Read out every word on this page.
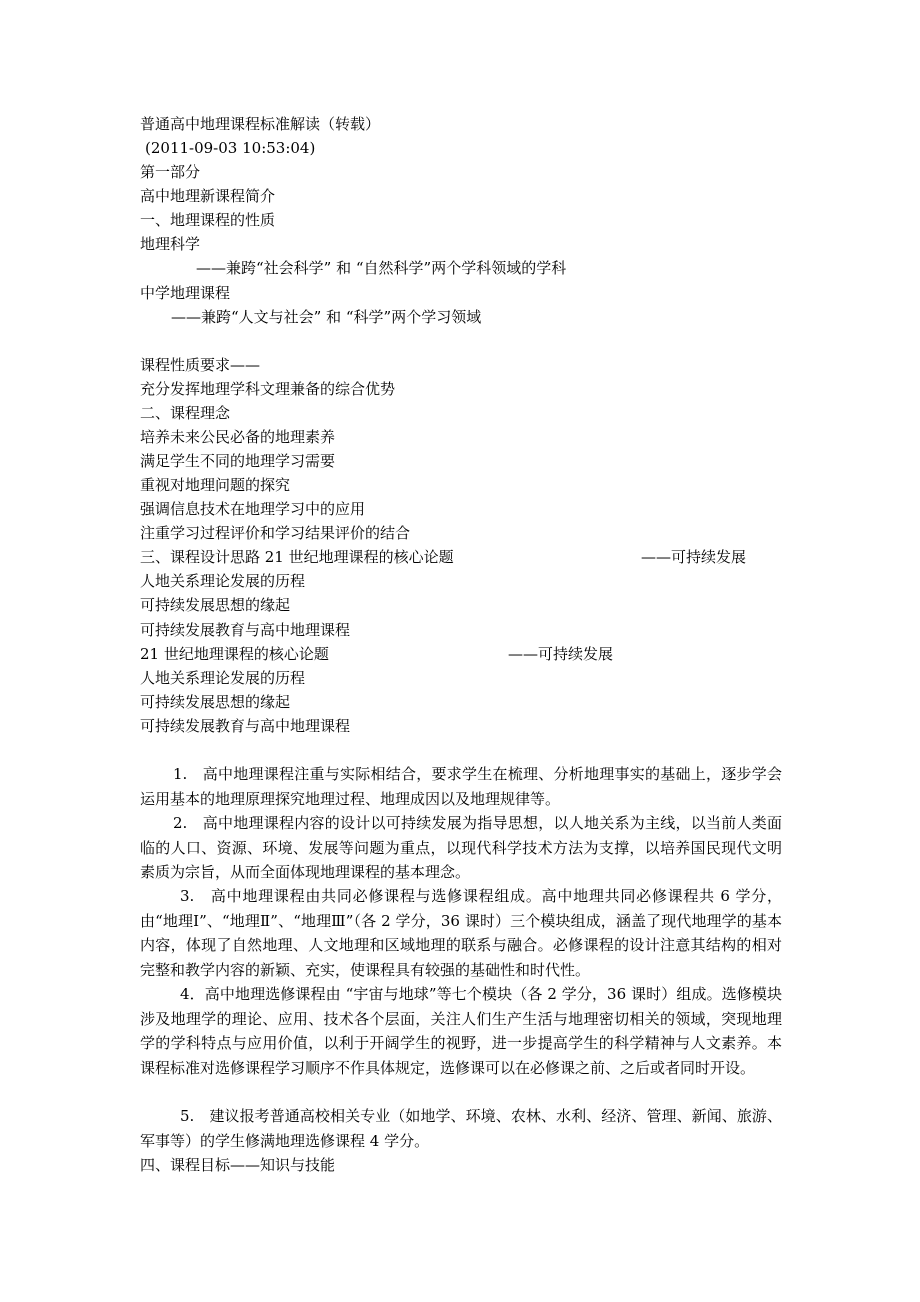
普通高中地理课程标准解读（转载）
(2011-09-03 10:53:04)
第一部分
高中地理新课程简介
一、地理课程的性质
地理科学
——兼跨“社会科学” 和 “自然科学”两个学科领域的学科
中学地理课程
——兼跨“人文与社会” 和 “科学”两个学习领域
课程性质要求——
充分发挥地理学科文理兼备的综合优势
二、课程理念
培养未来公民必备的地理素养
满足学生不同的地理学习需要
重视对地理问题的探究
强调信息技术在地理学习中的应用
注重学习过程评价和学习结果评价的结合
三、课程设计思路 21 世纪地理课程的核心论题	——可持续发展
人地关系理论发展的历程
可持续发展思想的缘起
可持续发展教育与高中地理课程
21 世纪地理课程的核心论题	——可持续发展
人地关系理论发展的历程
可持续发展思想的缘起
可持续发展教育与高中地理课程
1.　高中地理课程注重与实际相结合，要求学生在梳理、分析地理事实的基础上，逐步学会运用基本的地理原理探究地理过程、地理成因以及地理规律等。
2.　高中地理课程内容的设计以可持续发展为指导思想，以人地关系为主线，以当前人类面临的人口、资源、环境、发展等问题为重点，以现代科学技术方法为支撑，以培养国民现代文明素质为宗旨，从而全面体现地理课程的基本理念。
3.　高中地理课程由共同必修课程与选修课程组成。高中地理共同必修课程共 6 学分，由“地理Ⅰ”、“地理Ⅱ”、“地理Ⅲ”（各 2 学分，36 课时）三个模块组成，涵盖了现代地理学的基本内容，体现了自然地理、人文地理和区域地理的联系与融合。必修课程的设计注意其结构的相对完整和教学内容的新颖、充实，使课程具有较强的基础性和时代性。
4．高中地理选修课程由 “宇宙与地球”等七个模块（各 2 学分，36 课时）组成。选修模块涉及地理学的理论、应用、技术各个层面，关注人们生产生活与地理密切相关的领域，突现地理学的学科特点与应用价值，以利于开阔学生的视野，进一步提高学生的科学精神与人文素养。本课程标准对选修课程学习顺序不作具体规定，选修课可以在必修课之前、之后或者同时开设。
5.　建议报考普通高校相关专业（如地学、环境、农林、水利、经济、管理、新闻、旅游、军事等）的学生修满地理选修课程 4 学分。
四、课程目标——知识与技能
